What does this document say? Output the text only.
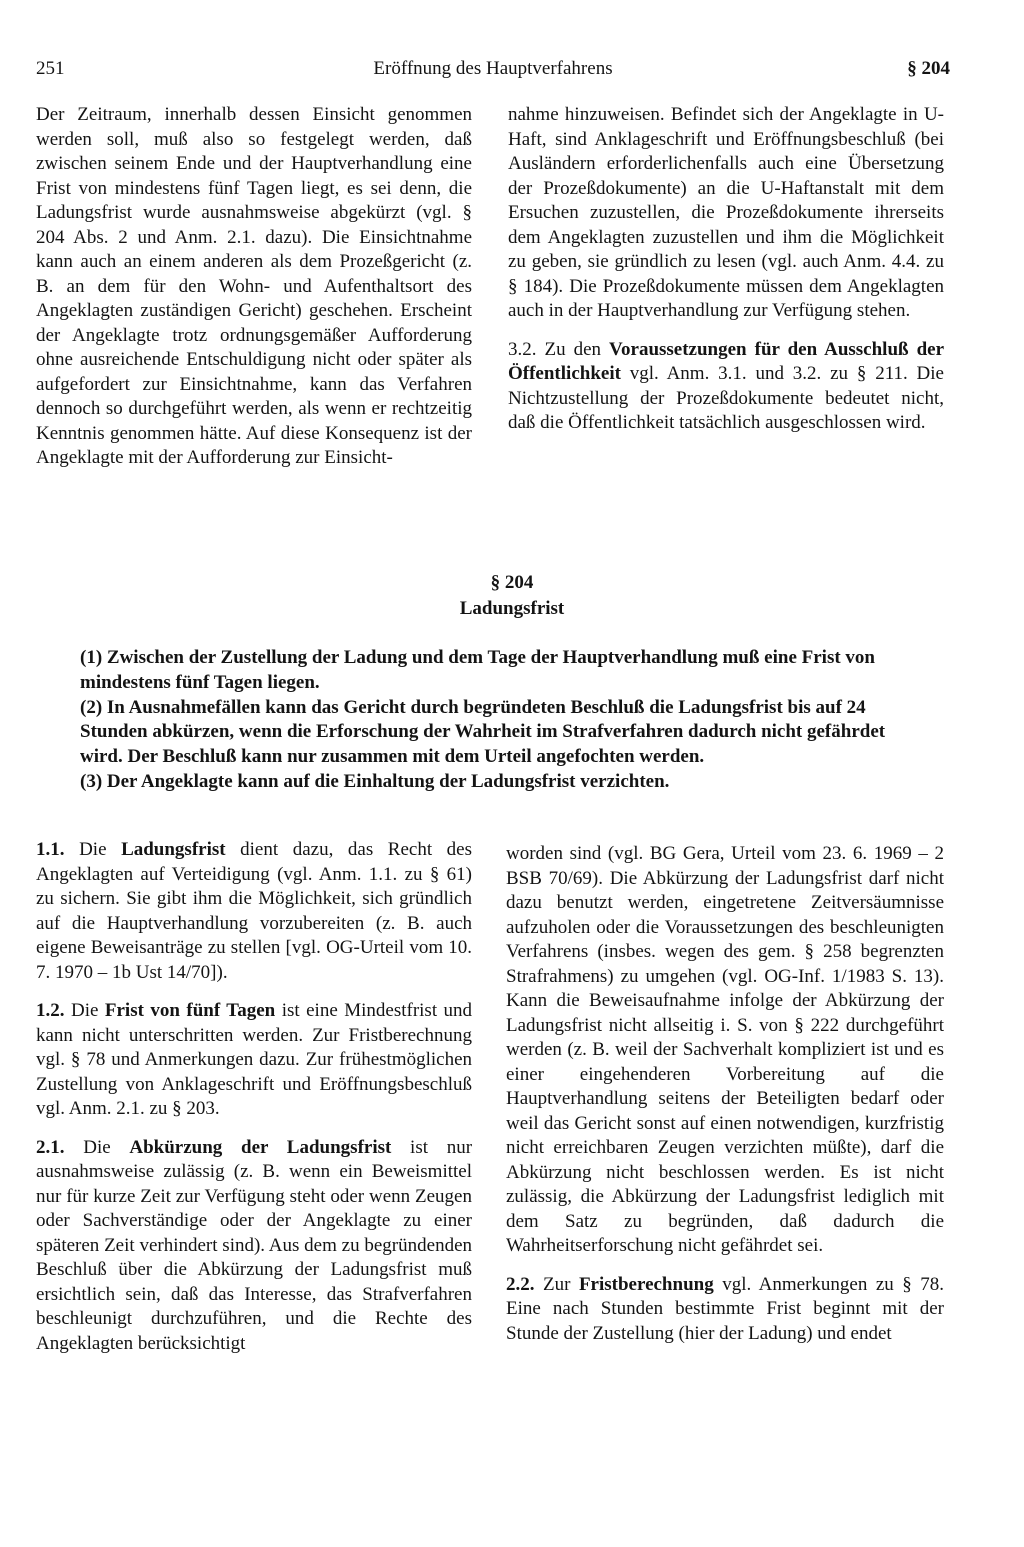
251	Eröffnung des Hauptverfahrens	§ 204

Der Zeitraum, innerhalb dessen Einsicht genommen werden soll, muß also so festgelegt werden, daß zwischen seinem Ende und der Hauptverhandlung eine Frist von mindestens fünf Tagen liegt, es sei denn, die Ladungsfrist wurde ausnahmsweise abgekürzt (vgl. § 204 Abs. 2 und Anm. 2.1. dazu). Die Einsichtnahme kann auch an einem anderen als dem Prozeßgericht (z. B. an dem für den Wohn- und Aufenthaltsort des Angeklagten zuständigen Gericht) geschehen. Erscheint der Angeklagte trotz ordnungsgemäßer Aufforderung ohne ausreichende Entschuldigung nicht oder später als aufgefordert zur Einsichtnahme, kann das Verfahren dennoch so durchgeführt werden, als wenn er rechtzeitig Kenntnis genommen hätte. Auf diese Konsequenz ist der Angeklagte mit der Aufforderung zur Einsicht-

nahme hinzuweisen. Befindet sich der Angeklagte in U-Haft, sind Anklageschrift und Eröffnungsbeschluß (bei Ausländern erforderlichenfalls auch eine Übersetzung der Prozeßdokumente) an die U-Haftanstalt mit dem Ersuchen zuzustellen, die Prozeßdokumente ihrerseits dem Angeklagten zuzustellen und ihm die Möglichkeit zu geben, sie gründlich zu lesen (vgl. auch Anm. 4.4. zu § 184). Die Prozeßdokumente müssen dem Angeklagten auch in der Hauptverhandlung zur Verfügung stehen.

3.2. Zu den Voraussetzungen für den Ausschluß der Öffentlichkeit vgl. Anm. 3.1. und 3.2. zu § 211. Die Nichtzustellung der Prozeßdokumente bedeutet nicht, daß die Öffentlichkeit tatsächlich ausgeschlossen wird.

§ 204
Ladungsfrist

(1) Zwischen der Zustellung der Ladung und dem Tage der Hauptverhandlung muß eine Frist von mindestens fünf Tagen liegen.

(2) In Ausnahmefällen kann das Gericht durch begründeten Beschluß die Ladungsfrist bis auf 24 Stunden abkürzen, wenn die Erforschung der Wahrheit im Strafverfahren dadurch nicht gefährdet wird. Der Beschluß kann nur zusammen mit dem Urteil angefochten werden.

(3) Der Angeklagte kann auf die Einhaltung der Ladungsfrist verzichten.

1.1. Die Ladungsfrist dient dazu, das Recht des Angeklagten auf Verteidigung (vgl. Anm. 1.1. zu § 61) zu sichern. Sie gibt ihm die Möglichkeit, sich gründlich auf die Hauptverhandlung vorzubereiten (z. B. auch eigene Beweisanträge zu stellen [vgl. OG-Urteil vom 10. 7. 1970 – 1b Ust 14/70]).

1.2. Die Frist von fünf Tagen ist eine Mindestfrist und kann nicht unterschritten werden. Zur Fristberechnung vgl. § 78 und Anmerkungen dazu. Zur frühestmöglichen Zustellung von Anklageschrift und Eröffnungsbeschluß vgl. Anm. 2.1. zu § 203.

2.1. Die Abkürzung der Ladungsfrist ist nur ausnahmsweise zulässig (z. B. wenn ein Beweismittel nur für kurze Zeit zur Verfügung steht oder wenn Zeugen oder Sachverständige oder der Angeklagte zu einer späteren Zeit verhindert sind). Aus dem zu begründenden Beschluß über die Abkürzung der Ladungsfrist muß ersichtlich sein, daß das Interesse, das Strafverfahren beschleunigt durchzuführen, und die Rechte des Angeklagten berücksichtigt

worden sind (vgl. BG Gera, Urteil vom 23. 6. 1969 – 2 BSB 70/69). Die Abkürzung der Ladungsfrist darf nicht dazu benutzt werden, eingetretene Zeitversäumnisse aufzuholen oder die Voraussetzungen des beschleunigten Verfahrens (insbes. wegen des gem. § 258 begrenzten Strafrahmens) zu umgehen (vgl. OG-Inf. 1/1983 S. 13). Kann die Beweisaufnahme infolge der Abkürzung der Ladungsfrist nicht allseitig i. S. von § 222 durchgeführt werden (z. B. weil der Sachverhalt kompliziert ist und es einer eingehenderen Vorbereitung auf die Hauptverhandlung seitens der Beteiligten bedarf oder weil das Gericht sonst auf einen notwendigen, kurzfristig nicht erreichbaren Zeugen verzichten müßte), darf die Abkürzung nicht beschlossen werden. Es ist nicht zulässig, die Abkürzung der Ladungsfrist lediglich mit dem Satz zu begründen, daß dadurch die Wahrheitserforschung nicht gefährdet sei.

2.2. Zur Fristberechnung vgl. Anmerkungen zu § 78. Eine nach Stunden bestimmte Frist beginnt mit der Stunde der Zustellung (hier der Ladung) und endet
